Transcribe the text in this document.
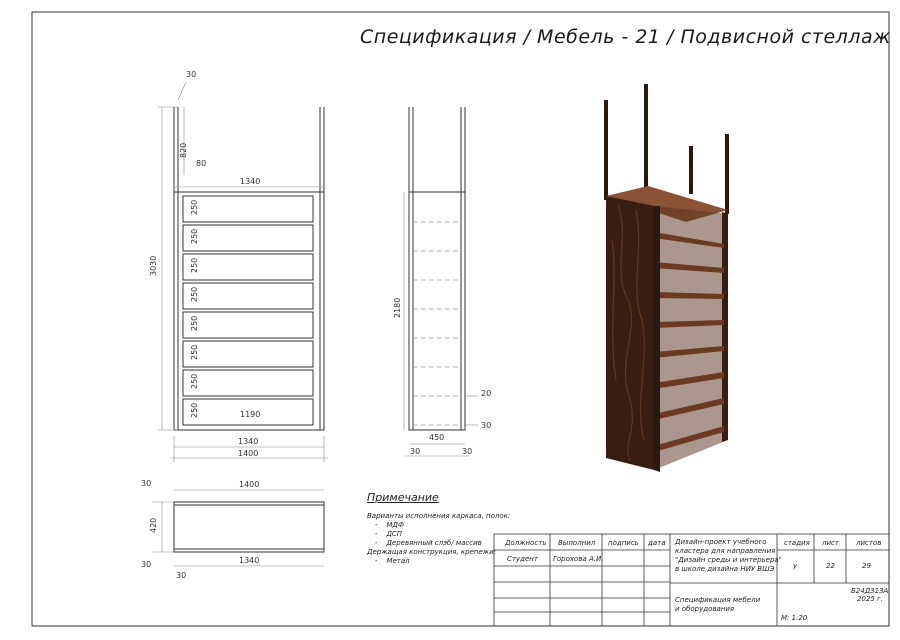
30
820
80
1340
3030
250
250
250
250
250
250
250
250	1190
1340
1400
2180
20
30
450
30	30
1400
1340
420
30
30
30
Спецификация / Мебель - 21 / Подвисной стеллаж
Примечание
Варианты исполнения каркаса, полок:
-    МДФ
-    ДСП
-    Деревянный слэб/ массив
Держащая конструкция, крепежи:
-    Метал
Должность Выполнил подпись дата
Студент Горохова А.И.
Дизайн-проект учебного
кластера для направления
"Дизайн среды и интерьера"
в школе дизайна НИУ ВШЭ
стадия лист листов
у	22	29
Б24Д313А
2025 г.
Спецификация мебели
и оборудования
М: 1:20
